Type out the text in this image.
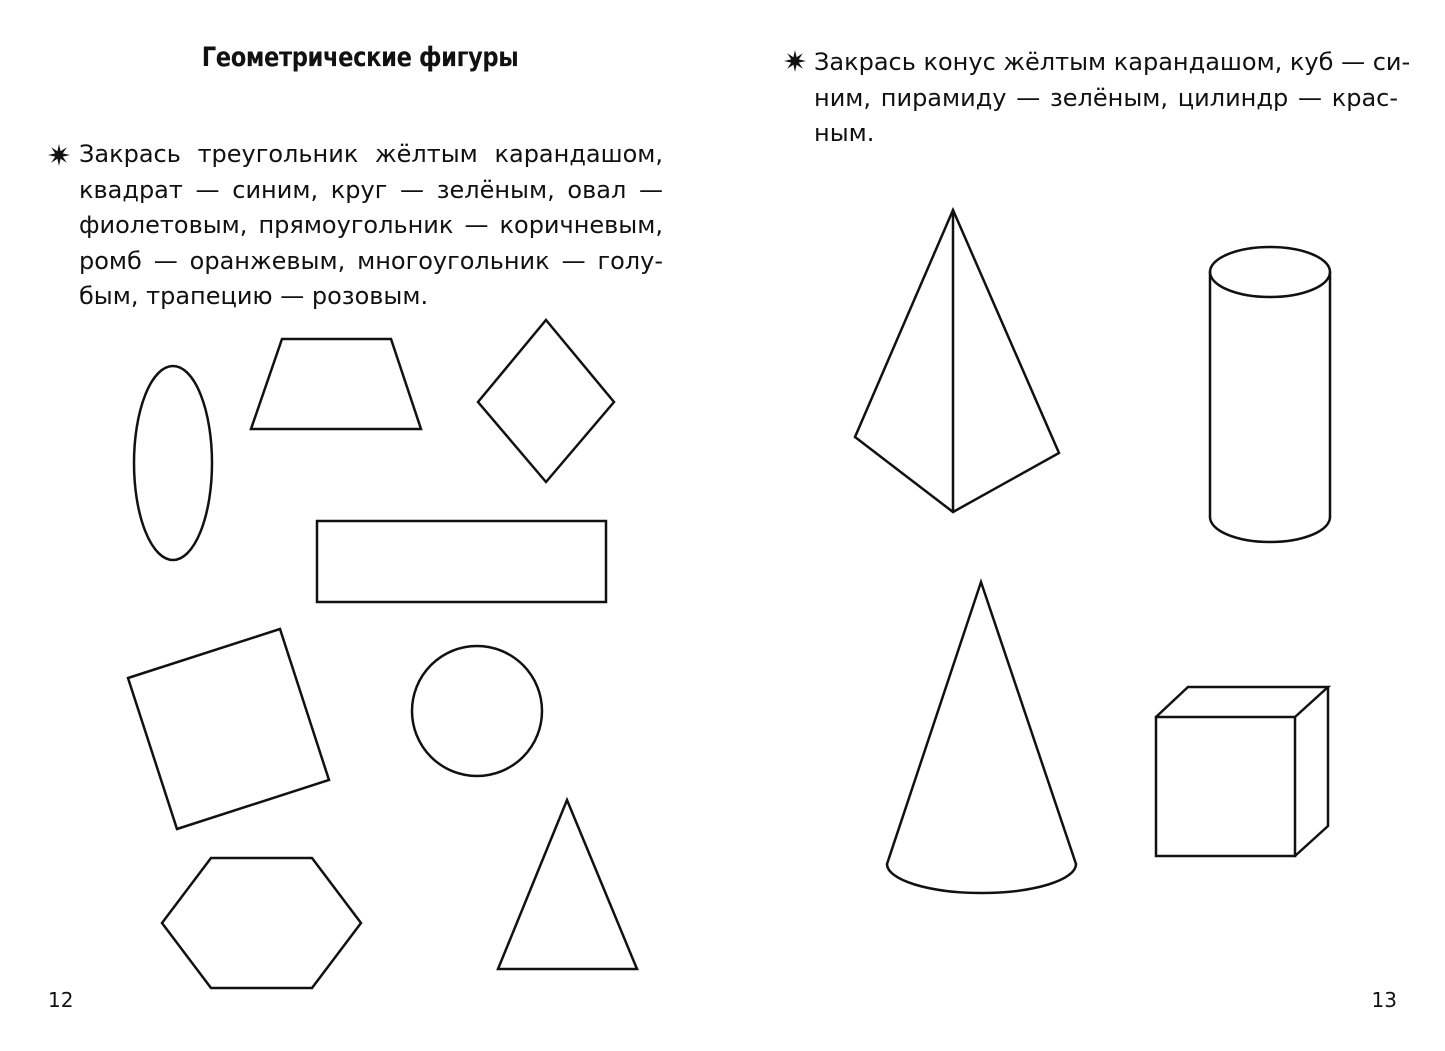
Геометрические фигуры
Закрась треугольник жёлтым карандашом,
квадрат — синим, круг — зелёным, овал —
фиолетовым, прямоугольник — коричневым,
ромб — оранжевым, многоугольник — голу-
бым, трапецию — розовым.
12
Закрась конус жёлтым карандашом, куб — си-
ним, пирамиду — зелёным, цилиндр — крас-
ным.
13
